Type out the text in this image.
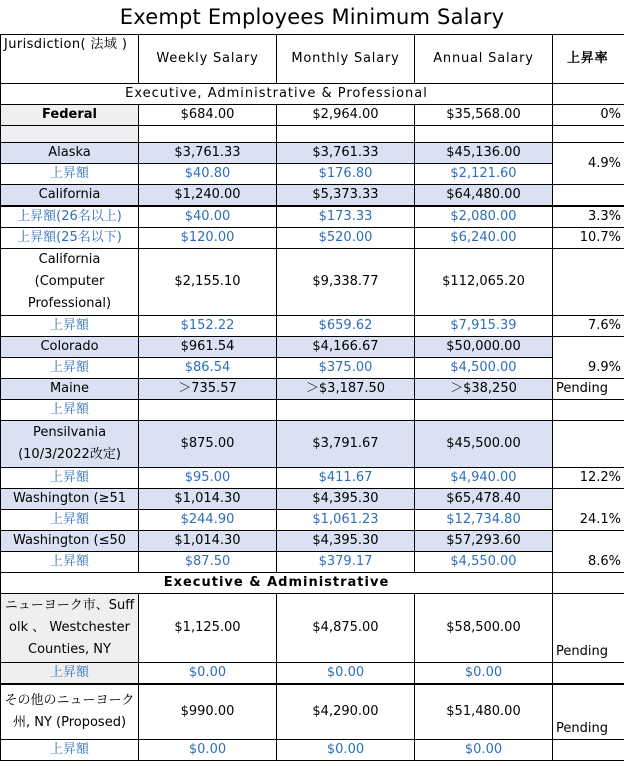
Exempt Employees Minimum Salary
Jurisdiction( 法域 )	Weekly Salary	Monthly Salary	Annual Salary	上昇率
Executive, Administrative & Professional				
Federal	$684.00	$2,964.00	$35,568.00	0%

Alaska	$3,761.33	$3,761.33	$45,136.00	4.9%
上昇額	$40.80	$176.80	$2,121.60	
California	$1,240.00	$5,373.33	$64,480.00	
上昇額(26名以上)	$40.00	$173.33	$2,080.00	3.3%
上昇額(25名以下)	$120.00	$520.00	$6,240.00	10.7%

California
(Computer
Professional)	$2,155.10	$9,338.77	$112,065.20	
上昇額	$152.22	$659.62	$7,915.39	7.6%
Colorado	$961.54	$4,166.67	$50,000.00	9.9%
上昇額	$86.54	$375.00	$4,500.00	
Maine	＞735.57	＞$3,187.50	＞$38,250	Pending
上昇額				

Pensilvania
(10/3/2022改定)	$875.00	$3,791.67	$45,500.00	
上昇額	$95.00	$411.67	$4,940.00	12.2%
Washington (≥51	$1,014.30	$4,395.30	$65,478.40	24.1%
上昇額	$244.90	$1,061.23	$12,734.80	
Washington (≤50	$1,014.30	$4,395.30	$57,293.60	8.6%
上昇額	$87.50	$379.17	$4,550.00	
Executive & Administrative				

ニューヨーク市、Suff
olk 、 Westchester
Counties, NY	$1,125.00	$4,875.00	$58,500.00	Pending
上昇額	$0.00	$0.00	$0.00	

その他のニューヨーク
州, NY (Proposed)	$990.00	$4,290.00	$51,480.00	Pending
上昇額	$0.00	$0.00	$0.00	
